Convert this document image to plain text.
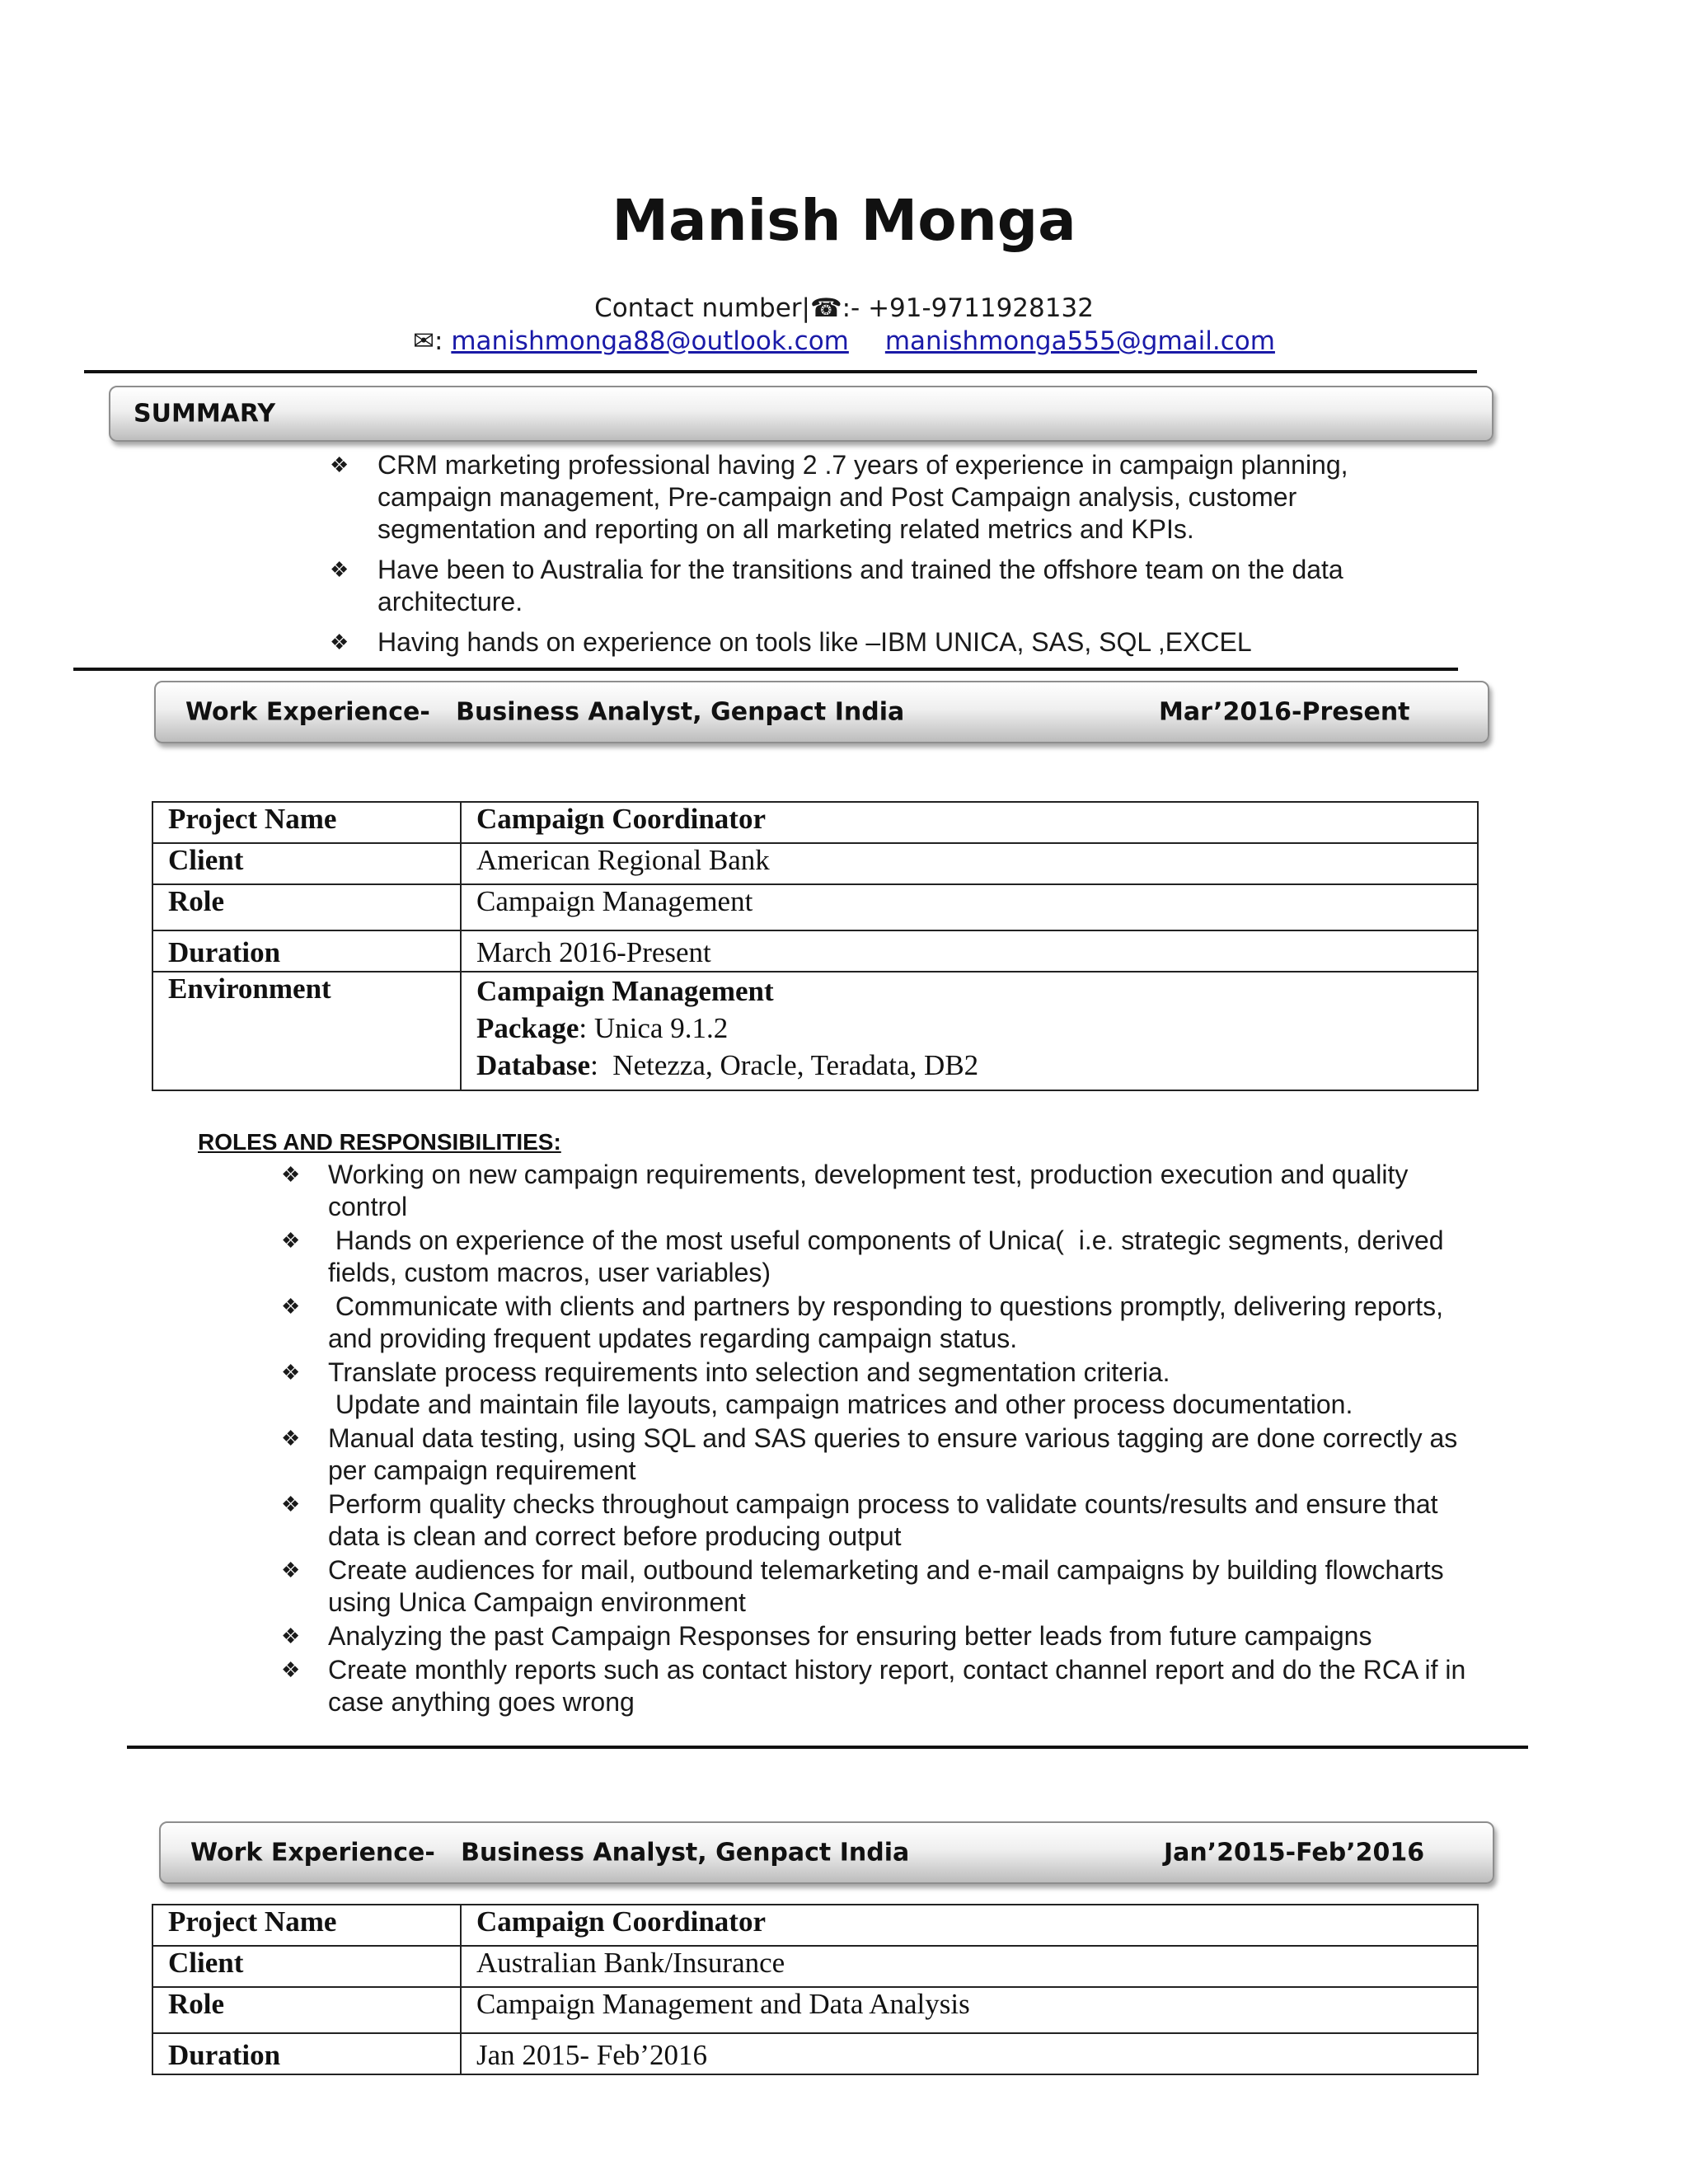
Manish Monga
Contact number|☎:- +91-9711928132
✉: manishmonga88@outlook.com manishmonga555@gmail.com
SUMMARY
❖ CRM marketing professional having 2 .7 years of experience in campaign planning, campaign management, Pre-campaign and Post Campaign analysis, customer segmentation and reporting on all marketing related metrics and KPIs.
❖ Have been to Australia for the transitions and trained the offshore team on the data architecture.
❖ Having hands on experience on tools like –IBM UNICA, SAS, SQL ,EXCEL
Work Experience-   Business Analyst, Genpact India	Mar’2016-Present
Project Name	Campaign Coordinator
Client	American Regional Bank
Role	Campaign Management
Duration	March 2016-Present
Environment	Campaign Management
Package: Unica 9.1.2
Database:  Netezza, Oracle, Teradata, DB2
ROLES AND RESPONSIBILITIES:
❖ Working on new campaign requirements, development test, production execution and quality control
❖ Hands on experience of the most useful components of Unica(  i.e. strategic segments, derived fields, custom macros, user variables)
❖ Communicate with clients and partners by responding to questions promptly, delivering reports, and providing frequent updates regarding campaign status.
❖ Translate process requirements into selection and segmentation criteria.
Update and maintain file layouts, campaign matrices and other process documentation.
❖ Manual data testing, using SQL and SAS queries to ensure various tagging are done correctly as per campaign requirement
❖ Perform quality checks throughout campaign process to validate counts/results and ensure that data is clean and correct before producing output
❖ Create audiences for mail, outbound telemarketing and e-mail campaigns by building flowcharts using Unica Campaign environment
❖ Analyzing the past Campaign Responses for ensuring better leads from future campaigns
❖ Create monthly reports such as contact history report, contact channel report and do the RCA if in case anything goes wrong
Work Experience-   Business Analyst, Genpact India	Jan’2015-Feb’2016
Project Name	Campaign Coordinator
Client	Australian Bank/Insurance
Role	Campaign Management and Data Analysis
Duration	Jan 2015- Feb’2016
